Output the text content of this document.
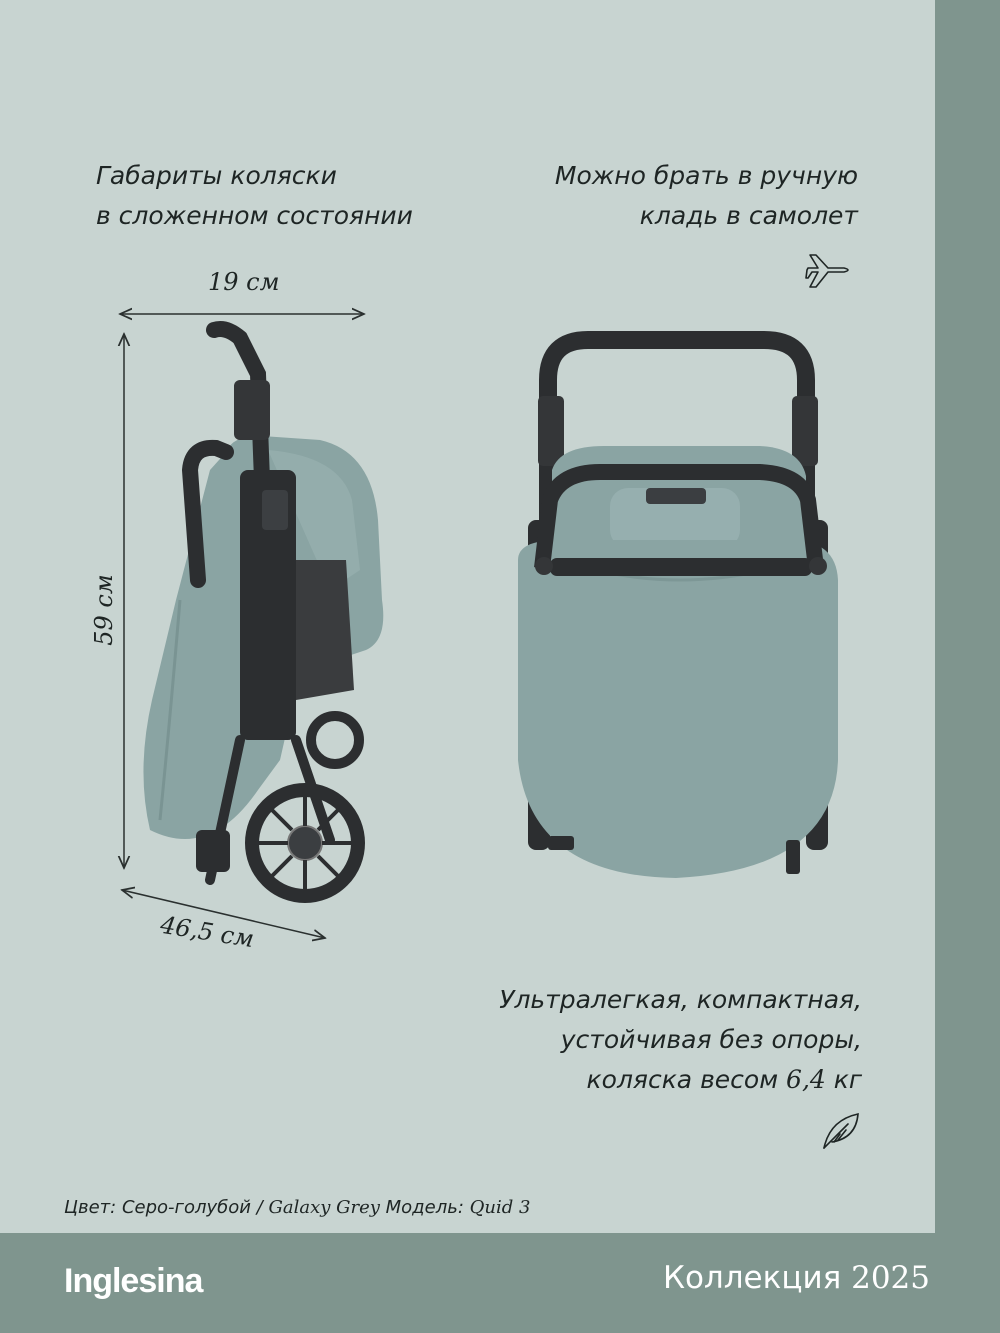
Габариты коляски
в сложенном состоянии
Можно брать в ручную
кладь в самолет
19 см
59 см
46,5 см
Ультралегкая, компактная,
устойчивая без опоры,
коляска весом 6,4 кг
Цвет: Серо-голубой / Galaxy Grey Модель: Quid 3
Inglesina	Коллекция 2025
